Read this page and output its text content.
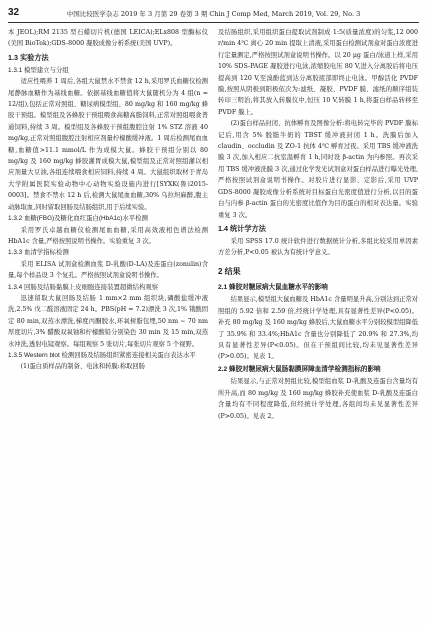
32	中国比较医学杂志 2019 年 3 月第 29 卷第 3 期 Chin J Comp Med, March 2019, Vol. 29, No. 3

本 JEOL);RM 2135 型石蜡切片机(德国 LEICA);ELx808 型酶标仪(美国 BioTek);GDS-8000 凝胶成像分析系统(美国 UVP)。

1.3 实验方法
1.3.1 模型建立与分组

适应性喂养 1 周后,各组大鼠禁水不禁食 12 h,采用罗氏血糖仪检测尾静脉血糖作为基线血糖。依据基线血糖值将大鼠随机分为 4 组(n = 12/组),包括正常对照组、糖尿病模型组、80 mg/kg 和 160 mg/kg 蜂胶干预组。模型组及各蜂胶干预组喂食高糖高脂饲料,正常对照组喂食普通饲料,持续 3 周。模型组及各蜂胶干预组腹腔注射 1% STZ 溶液 40 mg/kg,正常对照组腹腔注射相应剂量柠檬酸缓冲液。1 周后检测尾血血糖,血糖值>11.1 mmol/L 作为成模大鼠。蜂胶干预组分别以 80 mg/kg 及 160 mg/kg 蜂胶灌胃成模大鼠,模型组及正常对照组灌以相应剂量大豆油,各组连续喂食相应饲料,持续 4 周。大鼠组织取材于青岛大学附属医院实验动物中心动物实验设施内进行[SYXK(鲁)2015-0003]。禁食不禁水 12 h 后,检测大鼠尾血血糖,30% 乌拉坦麻醉,腹主动脉取血,同时留取回肠及结肠组织,用于后续实验。

1.3.2 血糖(FBG)及糖化血红蛋白(HbA1c)水平检测

采用罗氏卓越血糖仪检测尾血血糖,采用高效液相色谱法检测 HbA1c 含量,严格按照说明书操作。实验重复 3 次。

1.3.3 血清学指标检测

采用 ELISA 试剂盒检测血浆 D-乳酸(D-LA)及连蛋白(zonulin)含量,每个样品设 3 个复孔。严格按照试剂盒说明书操作。

1.3.4 回肠及结肠黏膜上皮细胞连接装置超微结构观察

迅速留取大鼠回肠及结肠 1 mm×2 mm 组织块,磷酸盐缓冲液洗,2.5% 戊二醛溶液固定 24 h。PBS(pH = 7.2)漂洗 3 次,1% 锇酸固定 80 min,双蒸水漂洗,梯度丙酮脱水,环氧树脂包埋,50 nm ~ 70 nm 厚度切片,3% 醋酸双氧铀和柠檬酸铅分别染色 30 min 及 15 min,双蒸水冲洗,透射电镜观察。每组观察 5 张切片,每张切片观察 5 个视野。

1.3.5 Western blot 检测回肠及结肠组织紧密连接相关蛋白表达水平

(1)蛋白质样品的制备、电泳和转膜:称取回肠

及结肠组织,采用组织蛋白提取试剂制成 1:5(质量浓度)的匀浆,12 000 r/min 4℃ 离心 20 min 提取上清液,采用蛋白检测试剂盒对蛋白浓度进行定量测定,严格按照试剂盒说明书操作。以 20 μg 蛋白/泳道上样,采用 10% SDS-PAGE 凝胶进行电泳,浓缩胶电压 80 V,进入分离胶后将电压提高到 120 V,至溴酚蓝到达分离胶底部即终止电泳。甲醇活化 PVDF 膜,按照从阴极到阳极依次为:滤纸、凝胶、PVDF 膜、滤纸的顺序组装转印三明治,将其放入转膜仪中,恒压 10 V,转膜 1 h,将蛋白样品转移至 PVDF 膜上。

(2)蛋白样品封闭、抗体孵育及图像分析:将电转完毕的 PVDF 膜标记后,用含 5% 脱脂牛奶的 TBST 缓冲液封闭 1 h。洗膜后加入 claudin、occludin 及 ZO-1 抗体 4℃ 孵育过夜。采用 TBS 缓冲液洗膜 3 次,加入相应二抗室温孵育 1 h,同时设 β-actin 为内参照。再次采用 TBS 缓冲液洗膜 3 次,通过化学发光试剂盒对蛋白样品进行曝光处理,严格按照试剂盒说明书操作。对胶片进行显影、定影后,采用 UVP GDS-8000 凝胶成像分析系统对目标蛋白光密度值进行分析,以目的蛋白与内参 β-actin 蛋白的光密度比值作为目的蛋白的相对表达量。实验重复 3 次。

1.4 统计学方法

采用 SPSS 17.0 统计软件进行数据统计分析,多组比较采用单因素方差分析,P<0.05 被认为有统计学意义。

2 结果
2.1 蜂胶对糖尿病大鼠血糖水平的影响

结果显示,模型组大鼠血糖及 HbA1c 含量明显升高,分别达到正常对照组的 5.92 倍和 2.59 倍,经统计学处理,具有显著性差异(P<0.05)。补充 80 mg/kg 及 160 mg/kg 蜂胶后,大鼠血糖水平分别较模型组降低了 35.9% 和 33.4%;HbA1c 含量也分别降低了 20.9% 和 27.3%,均具有显著性差异(P<0.05)。但在干预组间比较,均未见显著性差异(P>0.05)。见表 1。

2.2 蜂胶对糖尿病大鼠肠黏膜屏障血清学检测指标的影响

结果显示,与正常对照组比较,模型组血浆 D-乳酸及连蛋白含量均有所升高,而 80 mg/kg 及 160 mg/kg 蜂胶补充使血浆 D-乳酸及连蛋白含量均有不同程度降低,但经统计学处理,各组间均未见显著性差异(P>0.05)。见表 2。
